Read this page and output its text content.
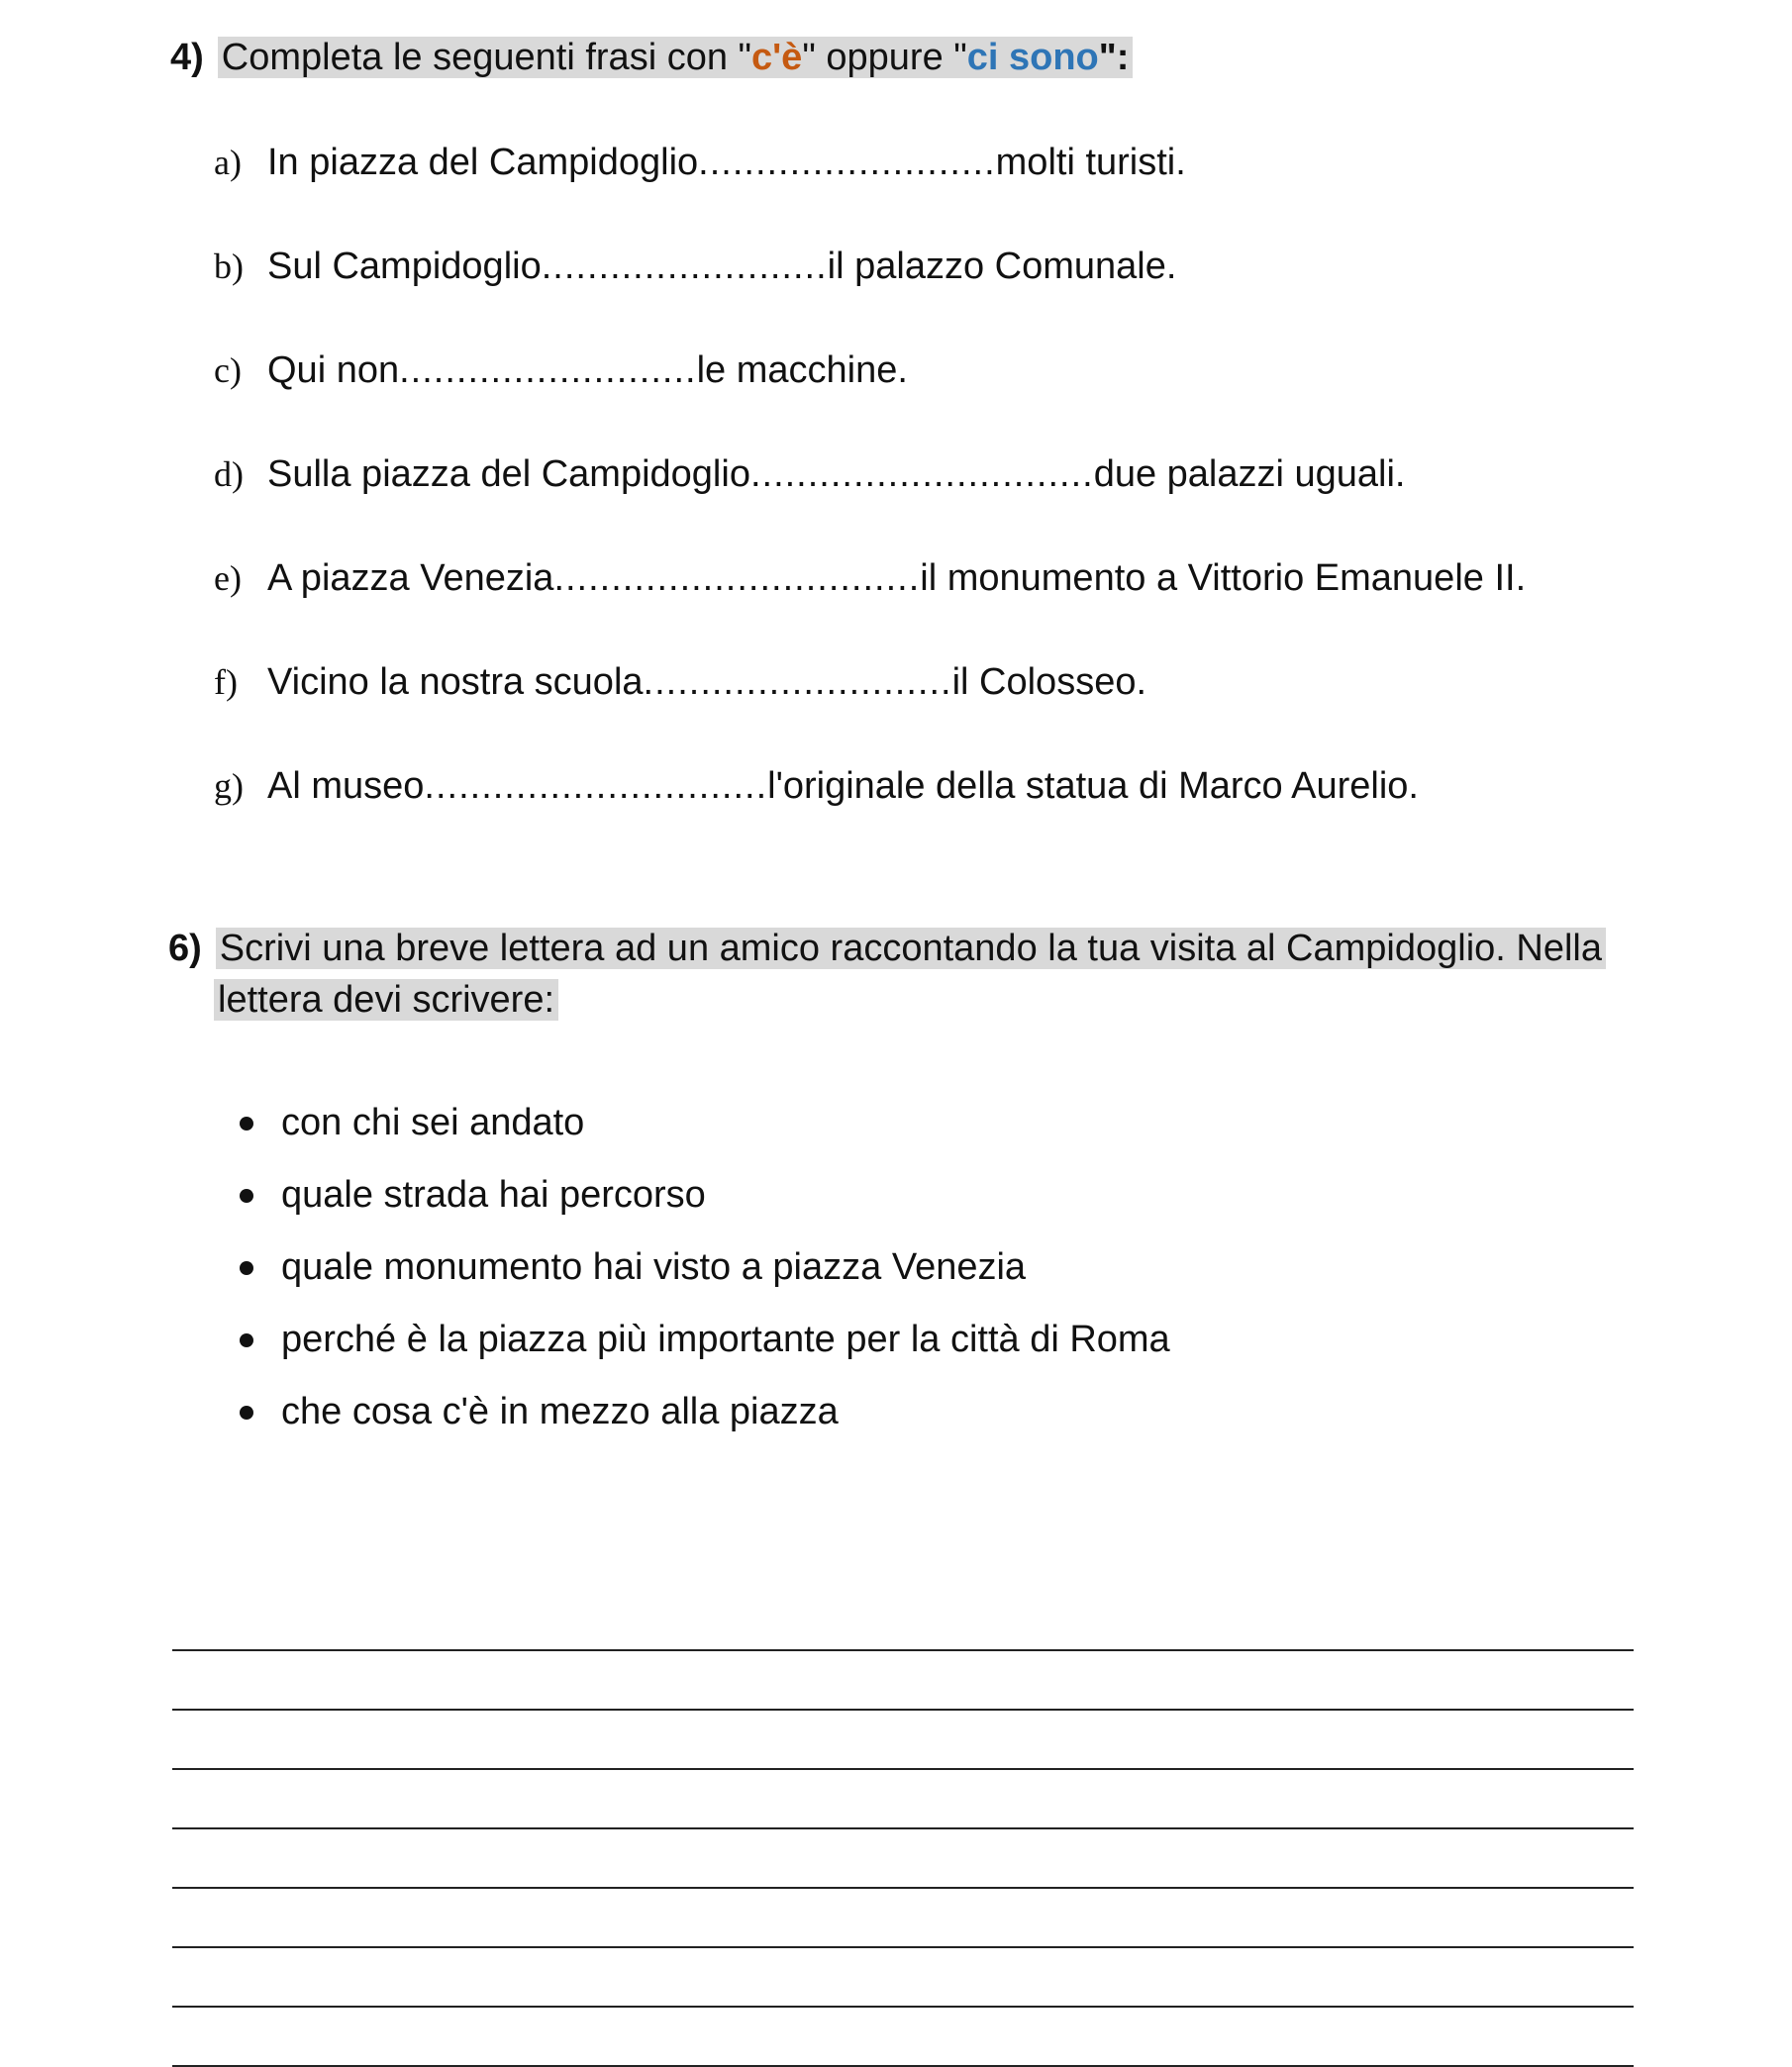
4) Completa le seguenti frasi con "c'è" oppure "ci sono":
a) In piazza del Campidoglio .......................... molti turisti.
b) Sul Campidoglio ......................... il palazzo Comunale.
c) Qui non .......................... le macchine.
d) Sulla piazza del Campidoglio .............................. due palazzi uguali.
e) A piazza Venezia ................................ il monumento a Vittorio Emanuele II.
f) Vicino la nostra scuola ........................... il Colosseo.
g) Al museo .............................. l'originale della statua di Marco Aurelio.
6) Scrivi una breve lettera ad un amico raccontando la tua visita al Campidoglio. Nella
lettera devi scrivere:
con chi sei andato
quale strada hai percorso
quale monumento hai visto a piazza Venezia
perché è la piazza più importante per la città di Roma
che cosa c'è in mezzo alla piazza
